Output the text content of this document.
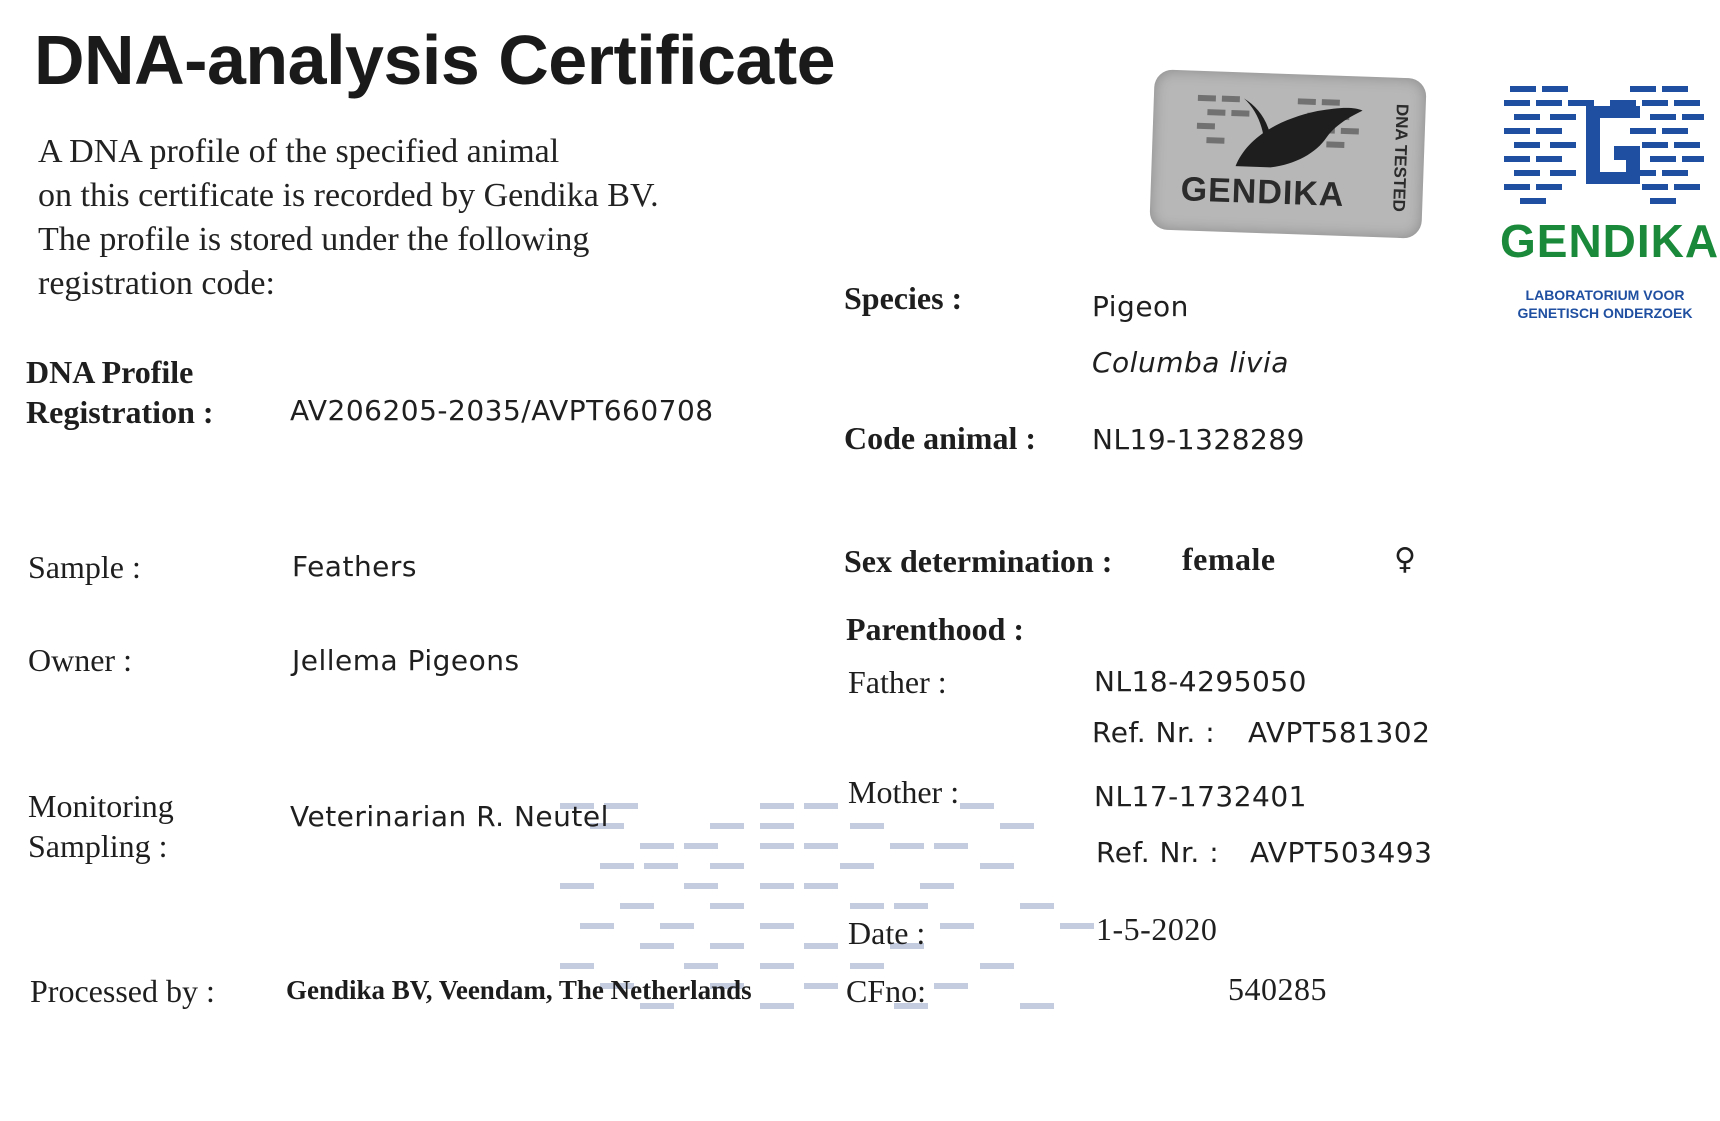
DNA-analysis Certificate
A DNA profile of the specified animal
on this certificate is recorded by Gendika BV.
The profile is stored under the following
registration code:
GENDIKA	DNA TESTED
GENDIKA
LABORATORIUM VOOR
GENETISCH ONDERZOEK
DNA Profile
Registration :	AV206205-2035/AVPT660708
Sample :	Feathers
Owner :	Jellema Pigeons
Monitoring
Sampling :
Veterinarian R. Neutel
Processed by :	Gendika BV, Veendam, The Netherlands
Species :	Pigeon
Columba livia
Code animal : NL19-1328289
Sex determination : female	♀
Parenthood :
Father :	NL18-4295050
Ref. Nr. : AVPT581302
Mother :	NL17-1732401
Ref. Nr. : AVPT503493
Date :	1-5-2020
CFno:	540285
